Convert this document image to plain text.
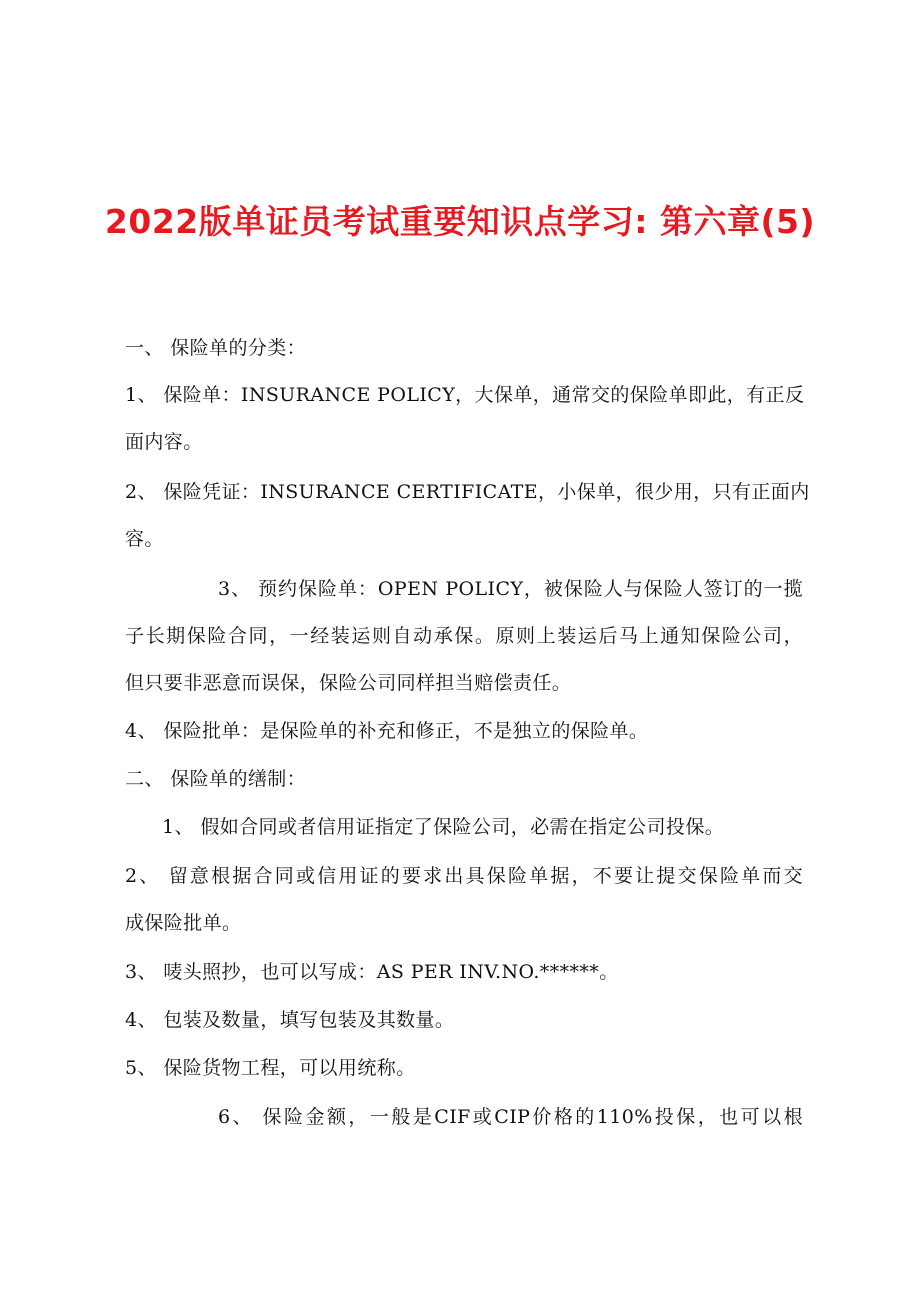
2022版单证员考试重要知识点学习: 第六章(5)
一、 保险单的分类：
1、 保险单：INSURANCE POLICY，大保单，通常交的保险单即此，有正反
面内容。
2、 保险凭证：INSURANCE CERTIFICATE，小保单，很少用，只有正面内
容。
3、 预约保险单：OPEN POLICY，被保险人与保险人签订的一揽
子长期保险合同，一经装运则自动承保。原则上装运后马上通知保险公司，
但只要非恶意而误保，保险公司同样担当赔偿责任。
4、 保险批单：是保险单的补充和修正，不是独立的保险单。
二、 保险单的缮制：
1、 假如合同或者信用证指定了保险公司，必需在指定公司投保。
2、 留意根据合同或信用证的要求出具保险单据，不要让提交保险单而交
成保险批单。
3、 唛头照抄，也可以写成：AS PER INV.NO.******。
4、 包装及数量，填写包装及其数量。
5、 保险货物工程，可以用统称。
6、 保险金额，一般是CIF或CIP价格的110%投保，也可以根
